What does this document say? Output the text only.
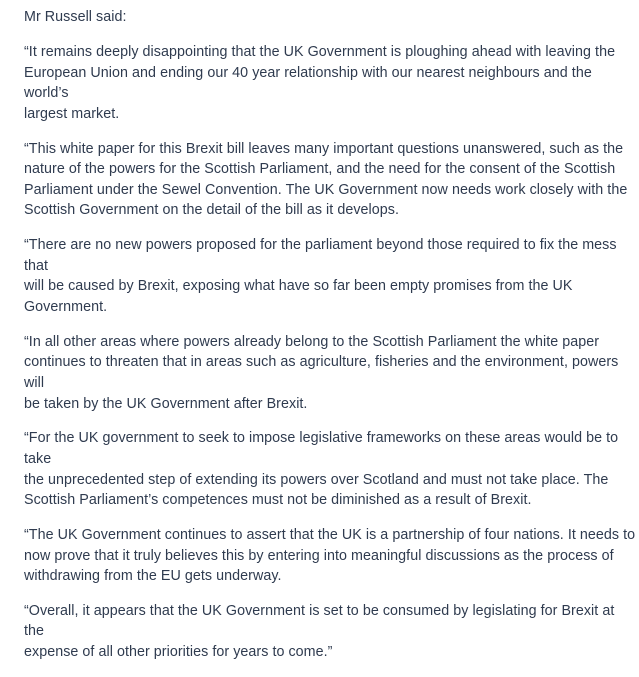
Mr Russell said:

“It remains deeply disappointing that the UK Government is ploughing ahead with leaving the
European Union and ending our 40 year relationship with our nearest neighbours and the world’s
largest market.

“This white paper for this Brexit bill leaves many important questions unanswered, such as the
nature of the powers for the Scottish Parliament, and the need for the consent of the Scottish
Parliament under the Sewel Convention. The UK Government now needs work closely with the
Scottish Government on the detail of the bill as it develops.

“There are no new powers proposed for the parliament beyond those required to fix the mess that
will be caused by Brexit, exposing what have so far been empty promises from the UK Government.

“In all other areas where powers already belong to the Scottish Parliament the white paper
continues to threaten that in areas such as agriculture, fisheries and the environment, powers will
be taken by the UK Government after Brexit.

“For the UK government to seek to impose legislative frameworks on these areas would be to take
the unprecedented step of extending its powers over Scotland and must not take place. The
Scottish Parliament’s competences must not be diminished as a result of Brexit.

“The UK Government continues to assert that the UK is a partnership of four nations. It needs to
now prove that it truly believes this by entering into meaningful discussions as the process of
withdrawing from the EU gets underway.

“Overall, it appears that the UK Government is set to be consumed by legislating for Brexit at the
expense of all other priorities for years to come.”
